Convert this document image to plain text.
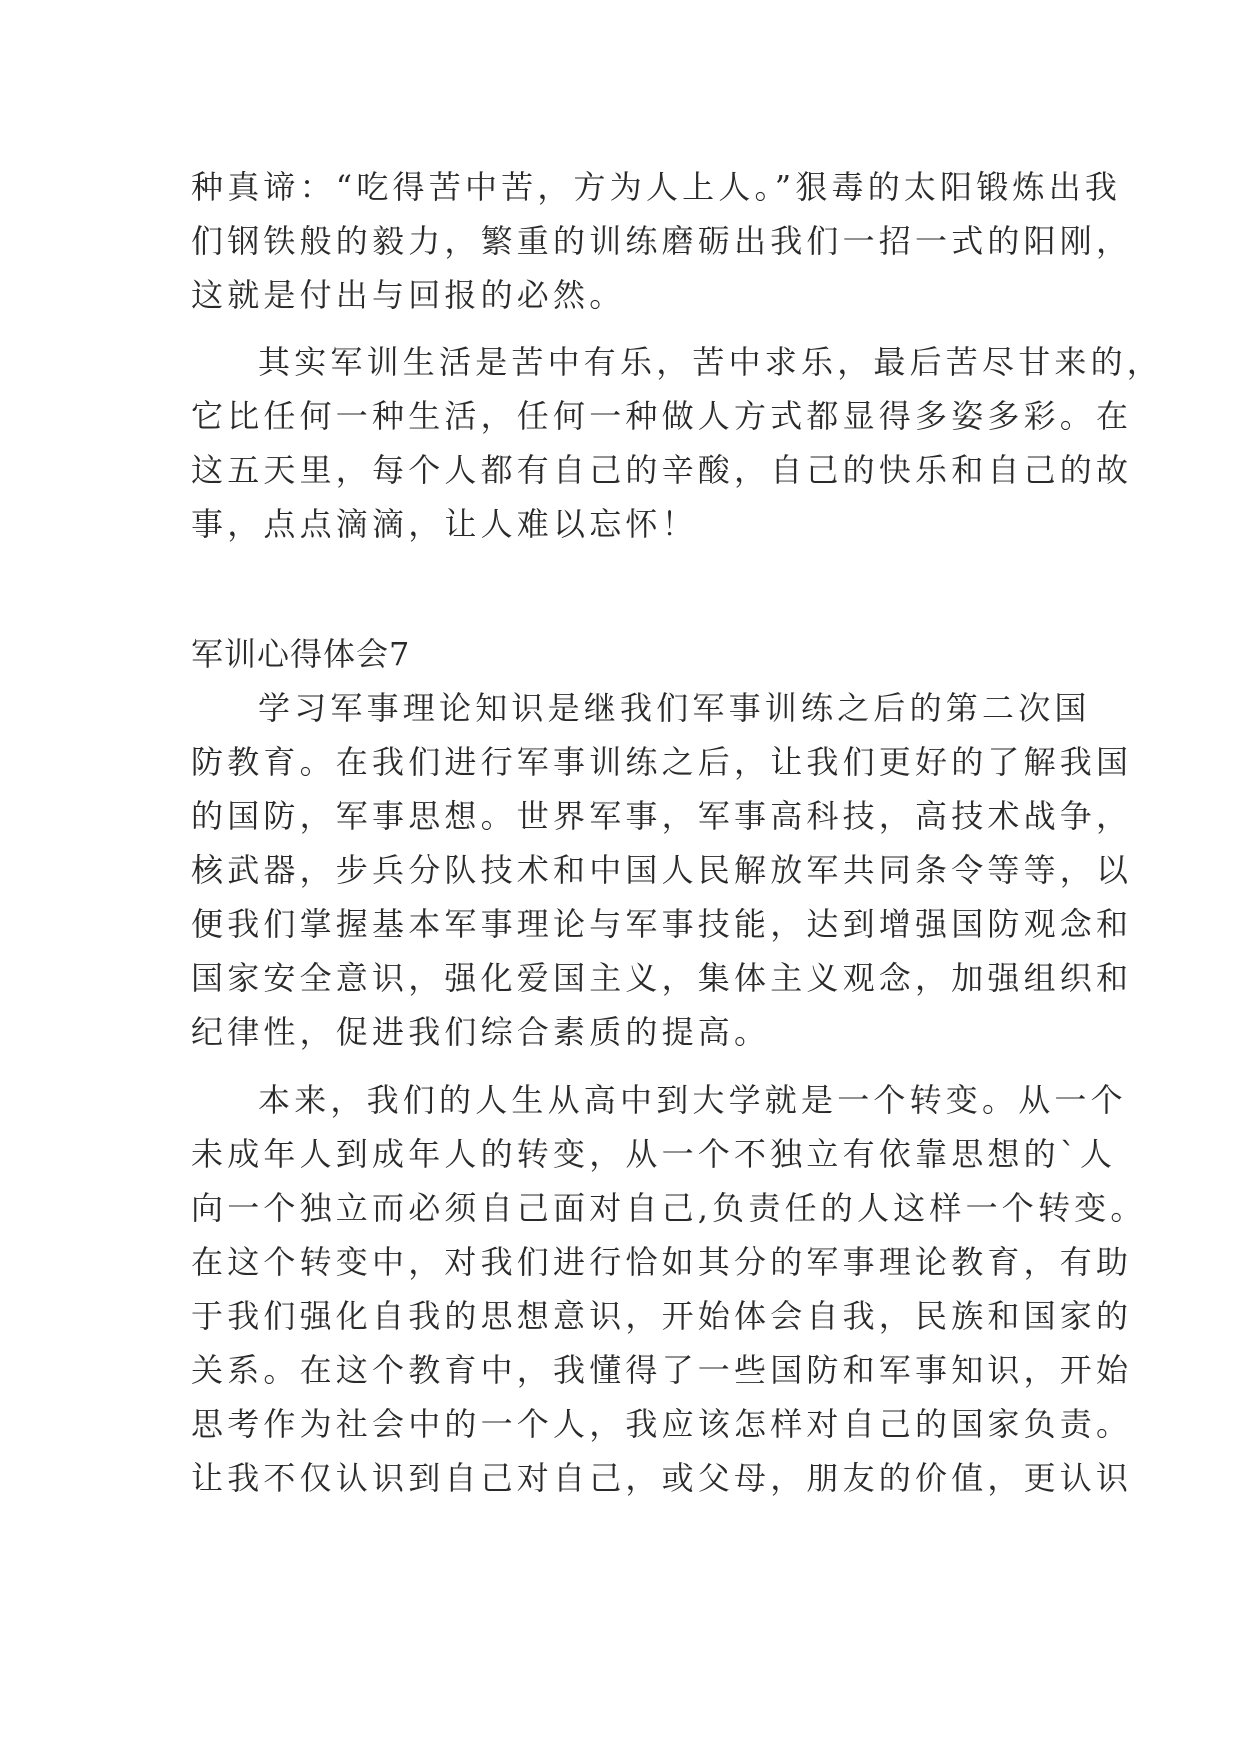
种真谛：“吃得苦中苦，方为人上人。”狠毒的太阳锻炼出我
们钢铁般的毅力，繁重的训练磨砺出我们一招一式的阳刚，
这就是付出与回报的必然。
其实军训生活是苦中有乐，苦中求乐，最后苦尽甘来的，
它比任何一种生活，任何一种做人方式都显得多姿多彩。在
这五天里，每个人都有自己的辛酸，自己的快乐和自己的故
事，点点滴滴，让人难以忘怀！
军训心得体会7
学习军事理论知识是继我们军事训练之后的第二次国
防教育。在我们进行军事训练之后，让我们更好的了解我国
的国防，军事思想。世界军事，军事高科技，高技术战争，
核武器，步兵分队技术和中国人民解放军共同条令等等，以
便我们掌握基本军事理论与军事技能，达到增强国防观念和
国家安全意识，强化爱国主义，集体主义观念，加强组织和
纪律性，促进我们综合素质的提高。
本来，我们的人生从高中到大学就是一个转变。从一个
未成年人到成年人的转变，从一个不独立有依靠思想的`人
向一个独立而必须自己面对自己,负责任的人这样一个转变。
在这个转变中，对我们进行恰如其分的军事理论教育，有助
于我们强化自我的思想意识，开始体会自我，民族和国家的
关系。在这个教育中，我懂得了一些国防和军事知识，开始
思考作为社会中的一个人，我应该怎样对自己的国家负责。
让我不仅认识到自己对自己，或父母，朋友的价值，更认识
